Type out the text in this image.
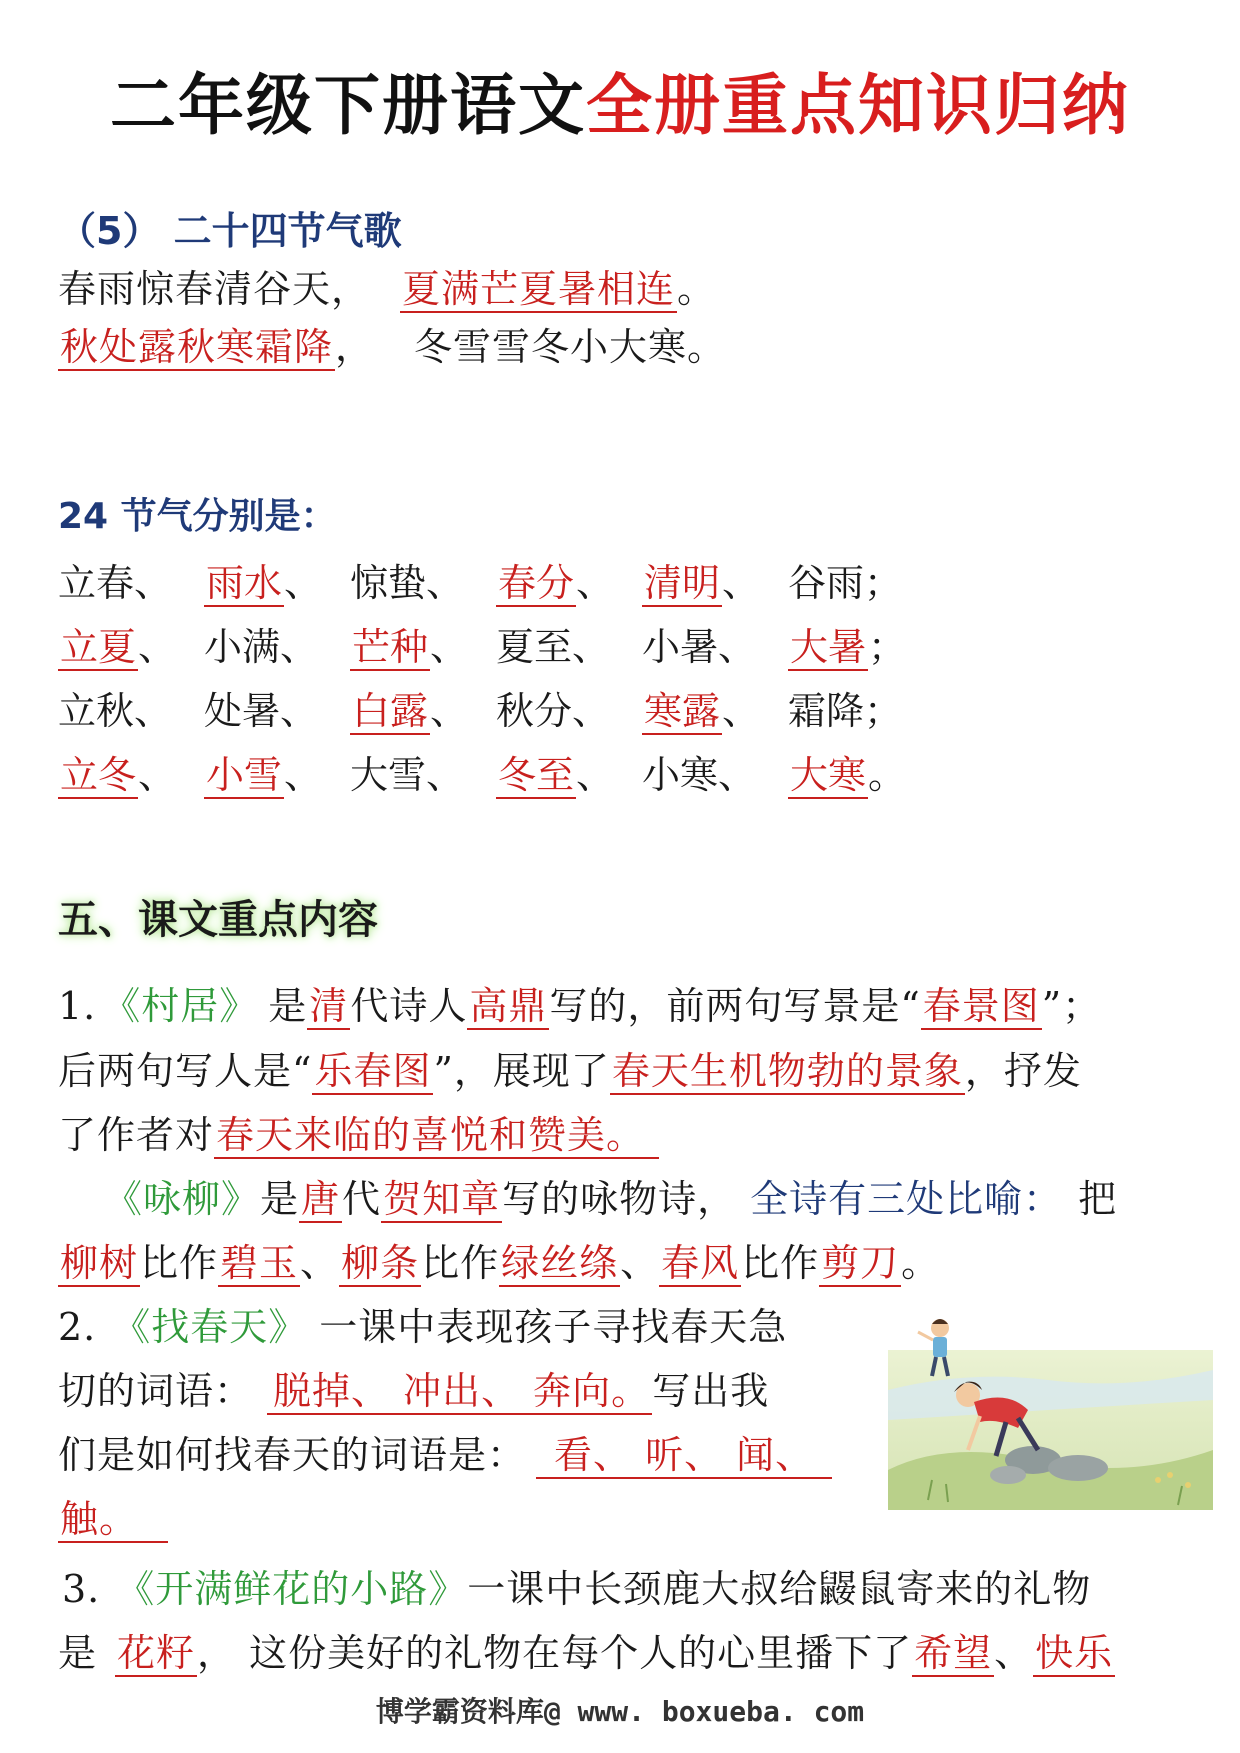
二年级下册语文全册重点知识归纳
（5） 二十四节气歌
春雨惊春清谷天， 夏满芒夏暑相连。
秋处露秋寒霜降， 冬雪雪冬小大寒。
24 节气分别是：
立春、 雨水、 惊蛰、 春分、 清明、 谷雨；
立夏、 小满、 芒种、 夏至、 小暑、 大暑；
立秋、 处暑、 白露、 秋分、 寒露、 霜降；
立冬、 小雪、 大雪、 冬至、 小寒、 大寒。
五、课文重点内容
1. 《村居》 是清代诗人高鼎写的，前两句写景是“春景图”；
后两句写人是“乐春图”，展现了春天生机物勃的景象，抒发
了作者对春天来临的喜悦和赞美。
《咏柳》是唐代贺知章写的咏物诗， 全诗有三处比喻： 把
柳树比作碧玉、柳条比作绿丝绦、春风比作剪刀。
2. 《找春天》 一课中表现孩子寻找春天急
切的词语： 脱掉、 冲出、 奔向。写出我
们是如何找春天的词语是： 看、 听、 闻、
触。
3. 《开满鲜花的小路》一课中长颈鹿大叔给鼹鼠寄来的礼物
是 花籽， 这份美好的礼物在每个人的心里播下了希望、快乐
博学霸资料库@ www. boxueba. com
